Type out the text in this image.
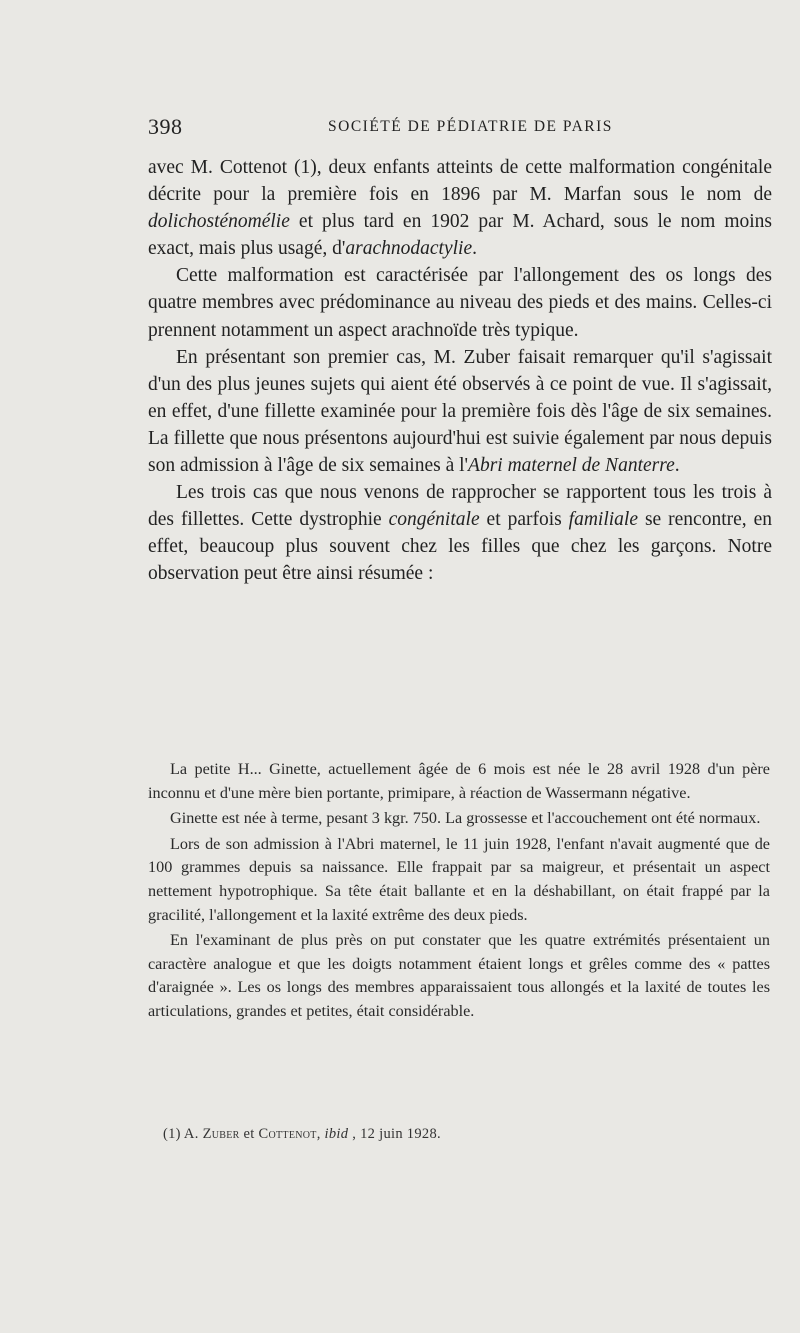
398	SOCIÉTÉ DE PÉDIATRIE DE PARIS

avec M. Cottenot (1), deux enfants atteints de cette malformation congénitale décrite pour la première fois en 1896 par M. Marfan sous le nom de dolichosténomélie et plus tard en 1902 par M. Achard, sous le nom moins exact, mais plus usagé, d'arachnodactylie.

Cette malformation est caractérisée par l'allongement des os longs des quatre membres avec prédominance au niveau des pieds et des mains. Celles-ci prennent notamment un aspect arachnoïde très typique.

En présentant son premier cas, M. Zuber faisait remarquer qu'il s'agissait d'un des plus jeunes sujets qui aient été observés à ce point de vue. Il s'agissait, en effet, d'une fillette examinée pour la première fois dès l'âge de six semaines. La fillette que nous présentons aujourd'hui est suivie également par nous depuis son admission à l'âge de six semaines à l'Abri maternel de Nanterre.

Les trois cas que nous venons de rapprocher se rapportent tous les trois à des fillettes. Cette dystrophie congénitale et parfois familiale se rencontre, en effet, beaucoup plus souvent chez les filles que chez les garçons. Notre observation peut être ainsi résumée :

La petite H... Ginette, actuellement âgée de 6 mois est née le 28 avril 1928 d'un père inconnu et d'une mère bien portante, primipare, à réaction de Wassermann négative.

Ginette est née à terme, pesant 3 kgr. 750. La grossesse et l'accouchement ont été normaux.

Lors de son admission à l'Abri maternel, le 11 juin 1928, l'enfant n'avait augmenté que de 100 grammes depuis sa naissance. Elle frappait par sa maigreur, et présentait un aspect nettement hypotrophique. Sa tête était ballante et en la déshabillant, on était frappé par la gracilité, l'allongement et la laxité extrême des deux pieds.

En l'examinant de plus près on put constater que les quatre extrémités présentaient un caractère analogue et que les doigts notamment étaient longs et grêles comme des « pattes d'araignée ». Les os longs des membres apparaissaient tous allongés et la laxité de toutes les articulations, grandes et petites, était considérable.

(1) A. Zuber et Cottenot, ibid , 12 juin 1928.
